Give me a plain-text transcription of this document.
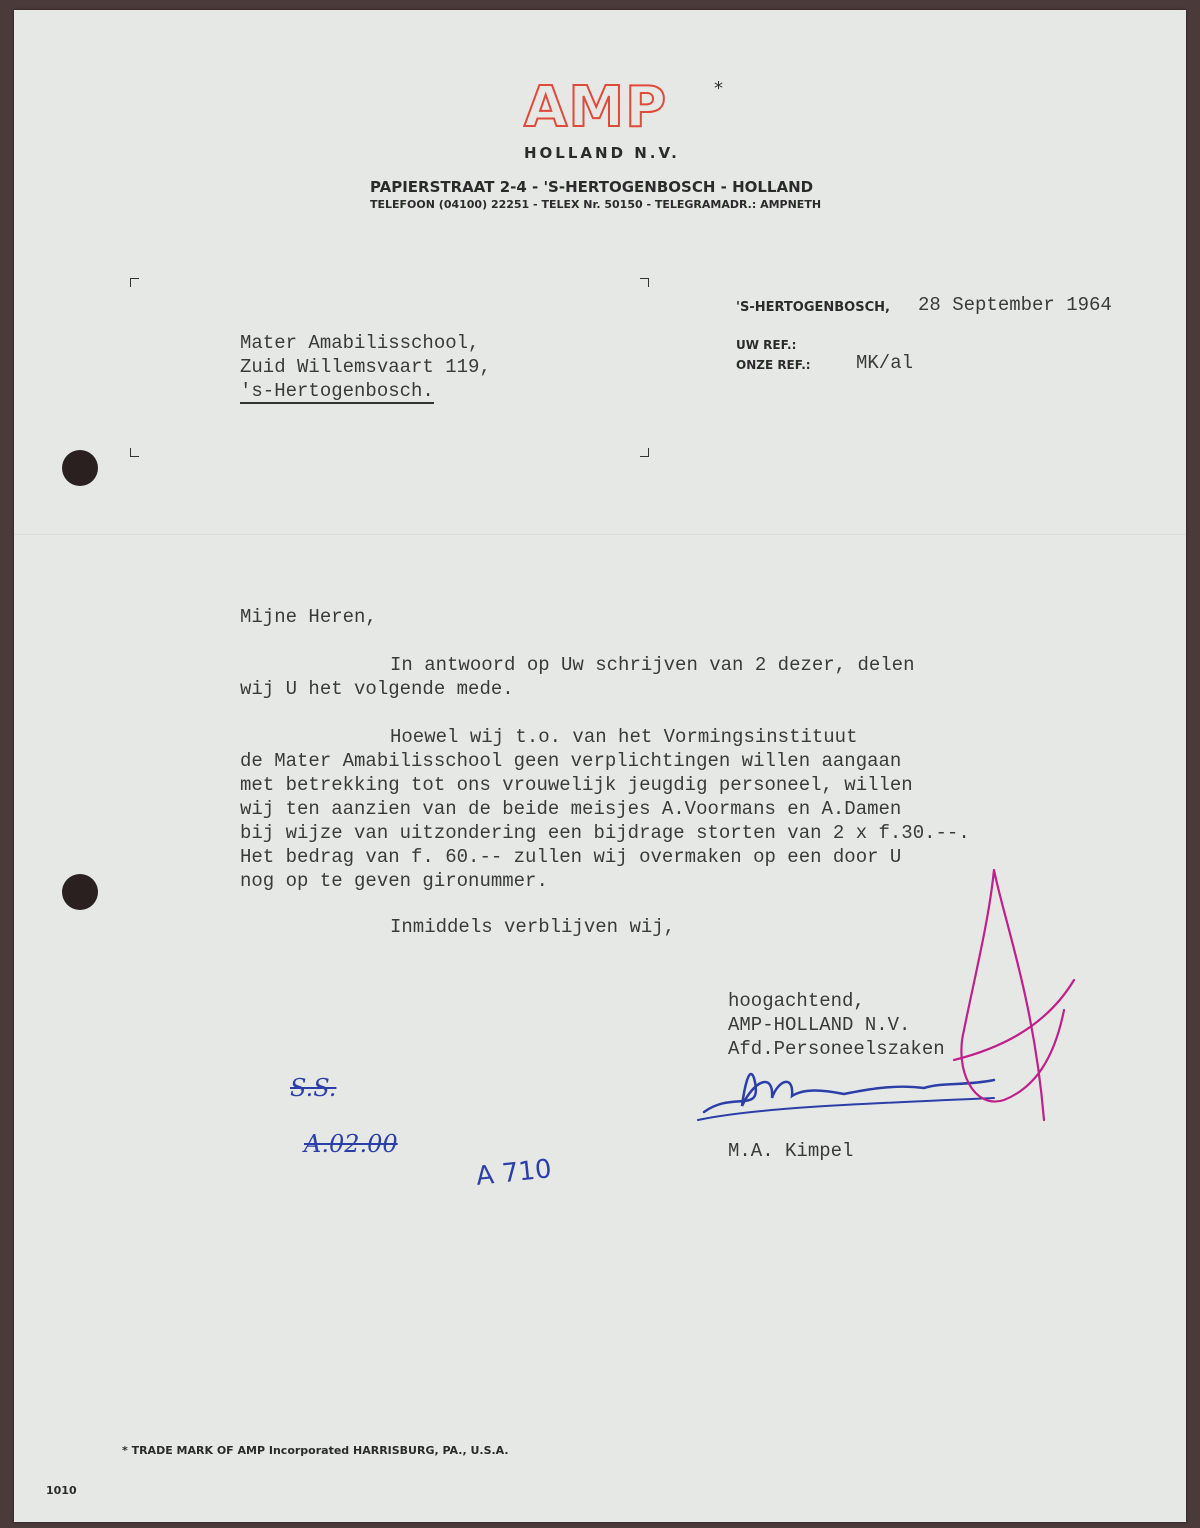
AMP	*
HOLLAND N.V.
PAPIERSTRAAT 2-4 - 'S-HERTOGENBOSCH - HOLLAND
TELEFOON (04100) 22251 - TELEX Nr. 50150 - TELEGRAMADR.: AMPNETH
Mater Amabilisschool,
Zuid Willemsvaart 119,
's-Hertogenbosch.
'S-HERTOGENBOSCH, 28 September 1964
UW REF.:
ONZE REF.: MK/al
Mijne Heren,
In antwoord op Uw schrijven van 2 dezer, delen
wij U het volgende mede.
Hoewel wij t.o. van het Vormingsinstituut
de Mater Amabilisschool geen verplichtingen willen aangaan
met betrekking tot ons vrouwelijk jeugdig personeel, willen
wij ten aanzien van de beide meisjes A.Voormans en A.Damen
bij wijze van uitzondering een bijdrage storten van 2 x f.30.--.
Het bedrag van f. 60.-- zullen wij overmaken op een door U
nog op te geven gironummer.
Inmiddels verblijven wij,
hoogachtend,
AMP-HOLLAND N.V.
Afd.Personeelszaken
M.A. Kimpel
S.S.
A.02.00
A 710
* TRADE MARK OF AMP Incorporated HARRISBURG, PA., U.S.A.
1010
